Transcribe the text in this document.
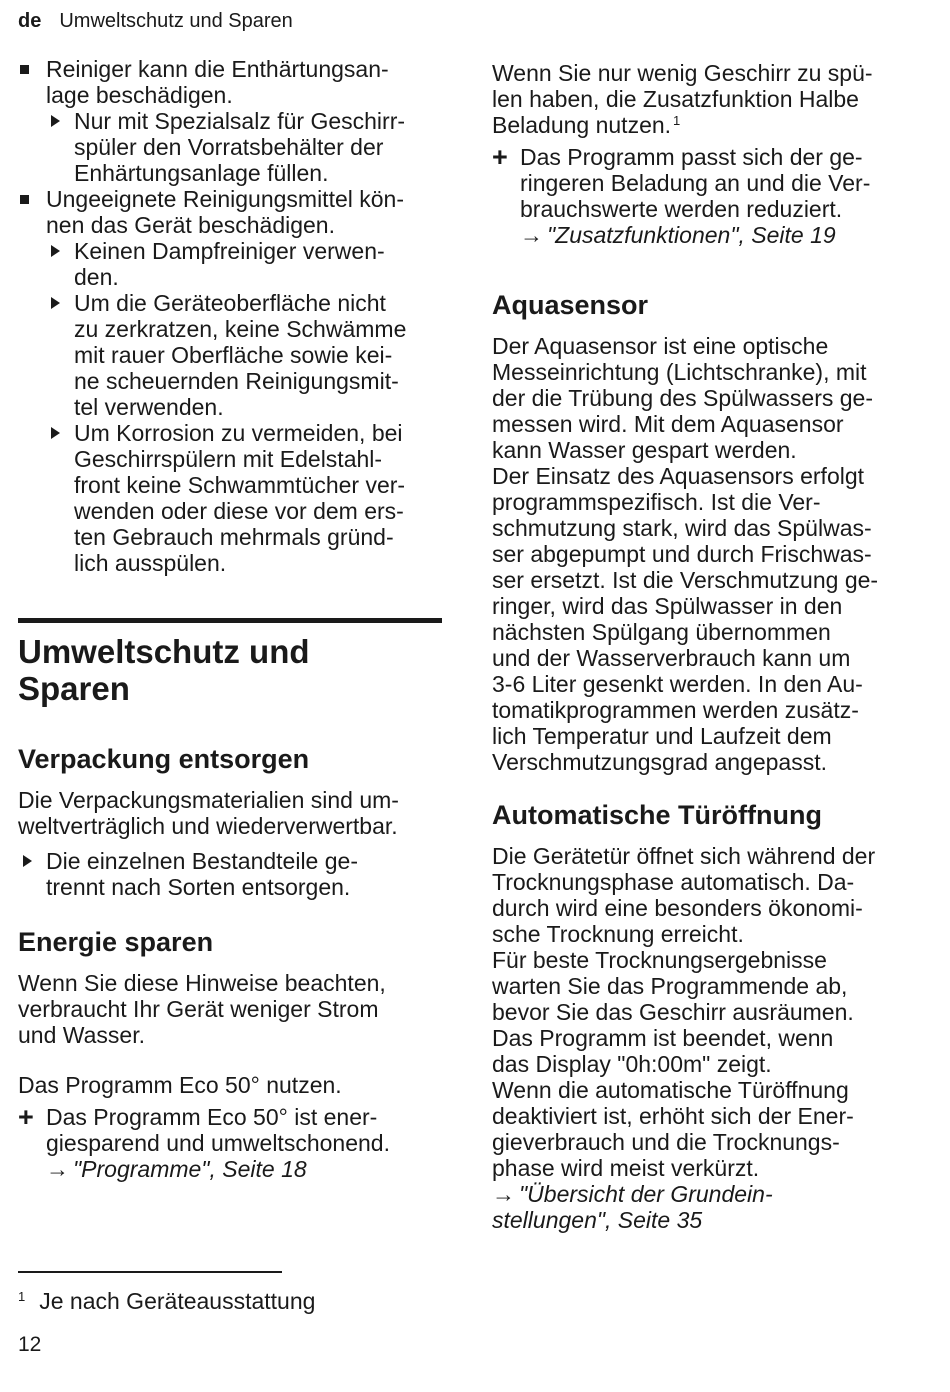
de Umweltschutz und Sparen
Reiniger kann die Enthärtungsan-
lage beschädigen.
Nur mit Spezialsalz für Geschirr-
spüler den Vorratsbehälter der
Enhärtungsanlage füllen.
Ungeeignete Reinigungsmittel kön-
nen das Gerät beschädigen.
Keinen Dampfreiniger verwen-
den.
Um die Geräteoberfläche nicht
zu zerkratzen, keine Schwämme
mit rauer Oberfläche sowie kei-
ne scheuernden Reinigungsmit-
tel verwenden.
Um Korrosion zu vermeiden, bei
Geschirrspülern mit Edelstahl-
front keine Schwammtücher ver-
wenden oder diese vor dem ers-
ten Gebrauch mehrmals gründ-
lich ausspülen.
Umweltschutz und
Sparen
Verpackung entsorgen
Die Verpackungsmaterialien sind um-
weltverträglich und wiederverwertbar.
Die einzelnen Bestandteile ge-
trennt nach Sorten entsorgen.
Energie sparen
Wenn Sie diese Hinweise beachten,
verbraucht Ihr Gerät weniger Strom
und Wasser.
Das Programm Eco 50° nutzen.
+ Das Programm Eco 50° ist ener-
giesparend und umweltschonend.
→ "Programme", Seite 18
Wenn Sie nur wenig Geschirr zu spü-
len haben, die Zusatzfunktion Halbe
Beladung nutzen. $^1$
+ Das Programm passt sich der ge-
ringeren Beladung an und die Ver-
brauchswerte werden reduziert.
→ "Zusatzfunktionen", Seite 19
Aquasensor
Der Aquasensor ist eine optische
Messeinrichtung (Lichtschranke), mit
der die Trübung des Spülwassers ge-
messen wird. Mit dem Aquasensor
kann Wasser gespart werden.
Der Einsatz des Aquasensors erfolgt
programmspezifisch. Ist die Ver-
schmutzung stark, wird das Spülwas-
ser abgepumpt und durch Frischwas-
ser ersetzt. Ist die Verschmutzung ge-
ringer, wird das Spülwasser in den
nächsten Spülgang übernommen
und der Wasserverbrauch kann um
3-6 Liter gesenkt werden. In den Au-
tomatikprogrammen werden zusätz-
lich Temperatur und Laufzeit dem
Verschmutzungsgrad angepasst.
Automatische Türöffnung
Die Gerätetür öffnet sich während der
Trocknungsphase automatisch. Da-
durch wird eine besonders ökonomi-
sche Trocknung erreicht.
Für beste Trocknungsergebnisse
warten Sie das Programmende ab,
bevor Sie das Geschirr ausräumen.
Das Programm ist beendet, wenn
das Display "0h:00m" zeigt.
Wenn die automatische Türöffnung
deaktiviert ist, erhöht sich der Ener-
gieverbrauch und die Trocknungs-
phase wird meist verkürzt.
→ "Übersicht der Grundein-
stellungen", Seite 35
$^1$ Je nach Geräteausstattung
12
